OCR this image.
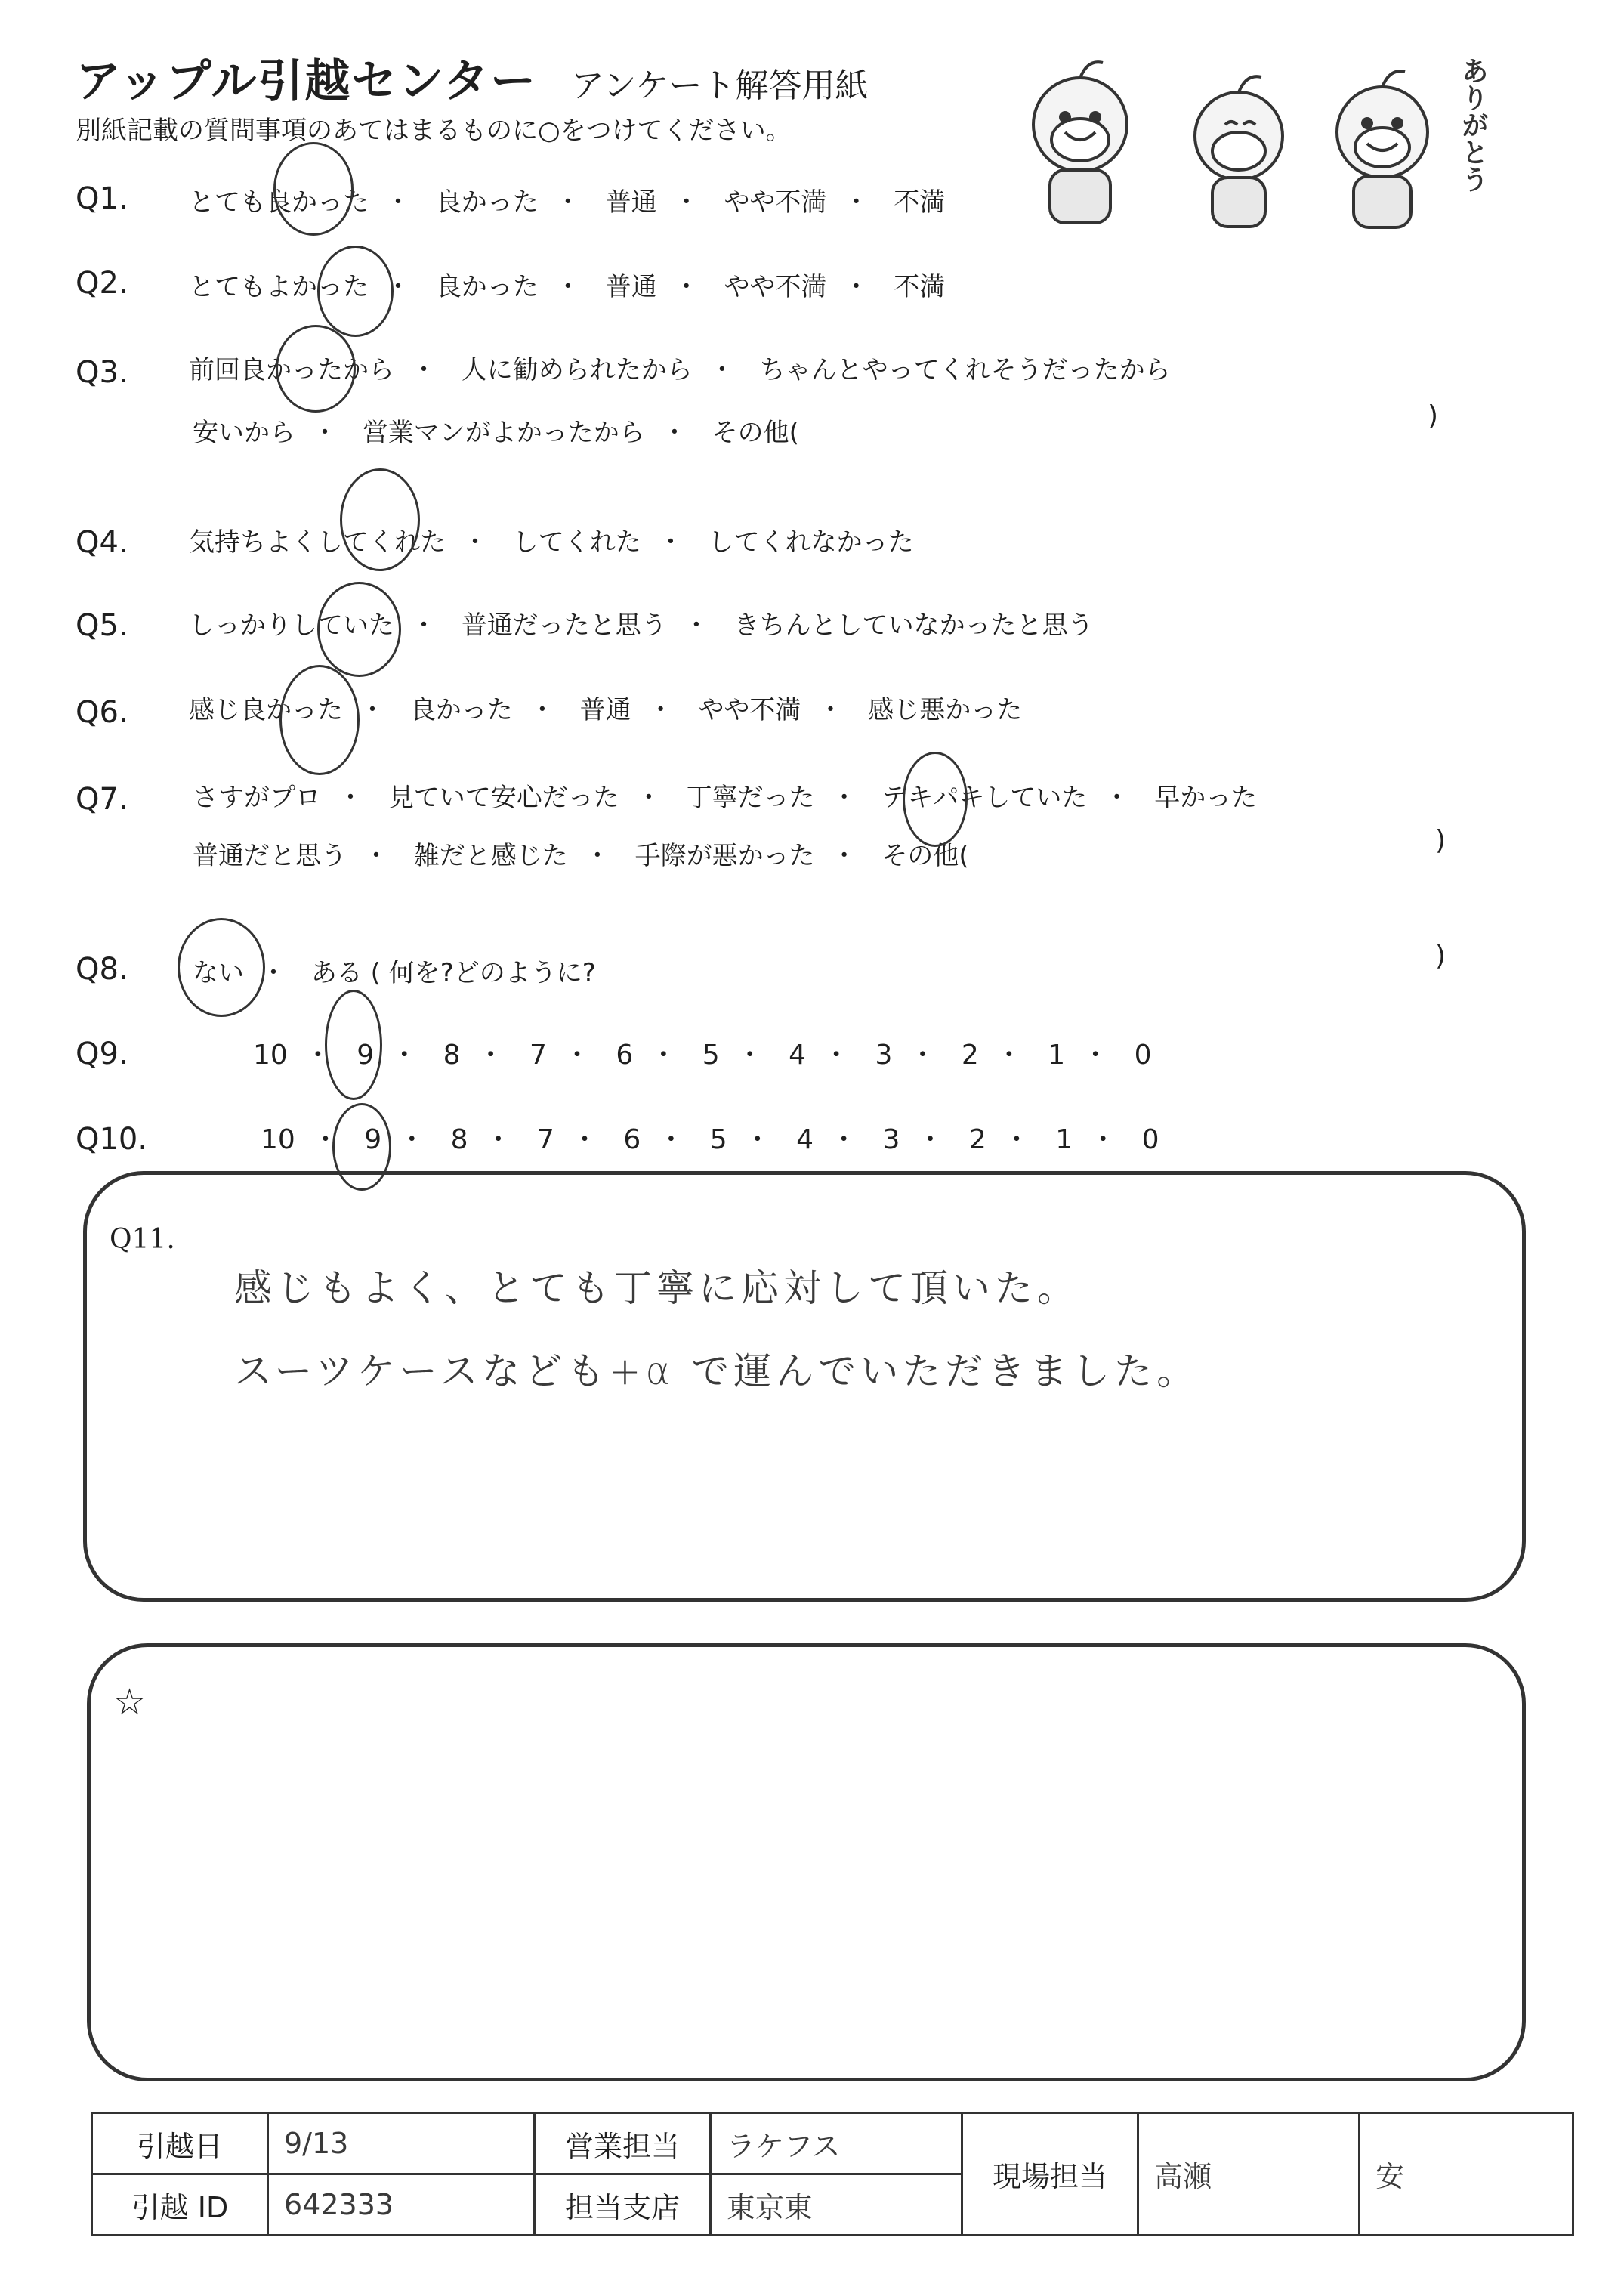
アップル引越センター アンケート解答用紙
別紙記載の質問事項のあてはまるものに○をつけてください。	ありがとう
Q1. とても良かった ・ 良かった ・ 普通 ・ やや不満 ・ 不満
Q2. とてもよかった ・ 良かった ・ 普通 ・ やや不満 ・ 不満
Q3. 前回良かったから ・ 人に勧められたから ・ ちゃんとやってくれそうだったから
安いから ・ 営業マンがよかったから ・ その他(
)
Q4. 気持ちよくしてくれた ・ してくれた ・ してくれなかった
Q5. しっかりしていた ・ 普通だったと思う ・ きちんとしていなかったと思う
Q6. 感じ良かった ・ 良かった ・ 普通 ・ やや不満 ・ 感じ悪かった
Q7.	さすがプロ ・ 見ていて安心だった ・ 丁寧だった ・ テキパキしていた ・ 早かった
普通だと思う ・ 雑だと感じた ・ 手際が悪かった ・ その他(	)
Q8.	ない ・ ある ( 何を?どのように?
)
Q9.	10 ・ 9 ・ 8 ・ 7 ・ 6 ・ 5 ・ 4 ・ 3 ・ 2 ・ 1 ・ 0
Q10.	10 ・ 9 ・ 8 ・ 7 ・ 6 ・ 5 ・ 4 ・ 3 ・ 2 ・ 1 ・ 0
Q11.
感じもよく、とても丁寧に応対して頂いた。
スーツケースなども+α で運んでいただきました。
☆
引越日	9/13	営業担当	ラケフス	現場担当	高瀬	安
引越 ID	642333	担当支店	東京東			
